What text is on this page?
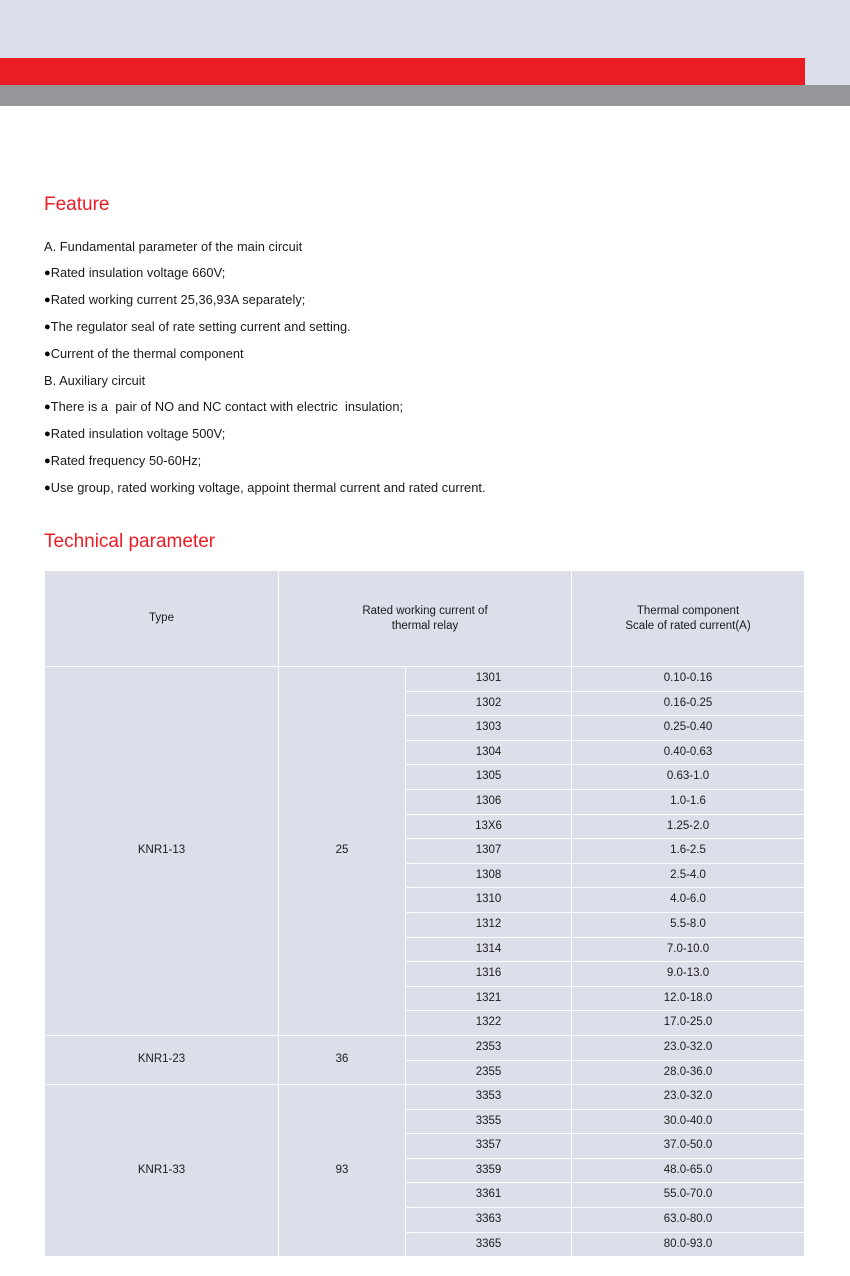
Feature
A. Fundamental parameter of the main circuit
●Rated insulation voltage 660V;
●Rated working current 25,36,93A separately;
●The regulator seal of rate setting current and setting.
●Current of the thermal component
B. Auxiliary circuit
●There is a  pair of NO and NC contact with electric  insulation;
●Rated insulation voltage 500V;
●Rated frequency 50-60Hz;
●Use group, rated working voltage, appoint thermal current and rated current.
Technical parameter
Type	Rated working current of
thermal relay		Thermal component
Scale of rated current(A)

KNR1-13	25	1301	0.10-0.16
		1302	0.16-0.25
		1303	0.25-0.40
		1304	0.40-0.63
		1305	0.63-1.0
		1306	1.0-1.6
		13X6	1.25-2.0
		1307	1.6-2.5
		1308	2.5-4.0
		1310	4.0-6.0
		1312	5.5-8.0
		1314	7.0-10.0
		1316	9.0-13.0
		1321	12.0-18.0
		1322	17.0-25.0
KNR1-23	36	2353	23.0-32.0
		2355	28.0-36.0
KNR1-33	93	3353	23.0-32.0
		3355	30.0-40.0
		3357	37.0-50.0
		3359	48.0-65.0
		3361	55.0-70.0
		3363	63.0-80.0
		3365	80.0-93.0
